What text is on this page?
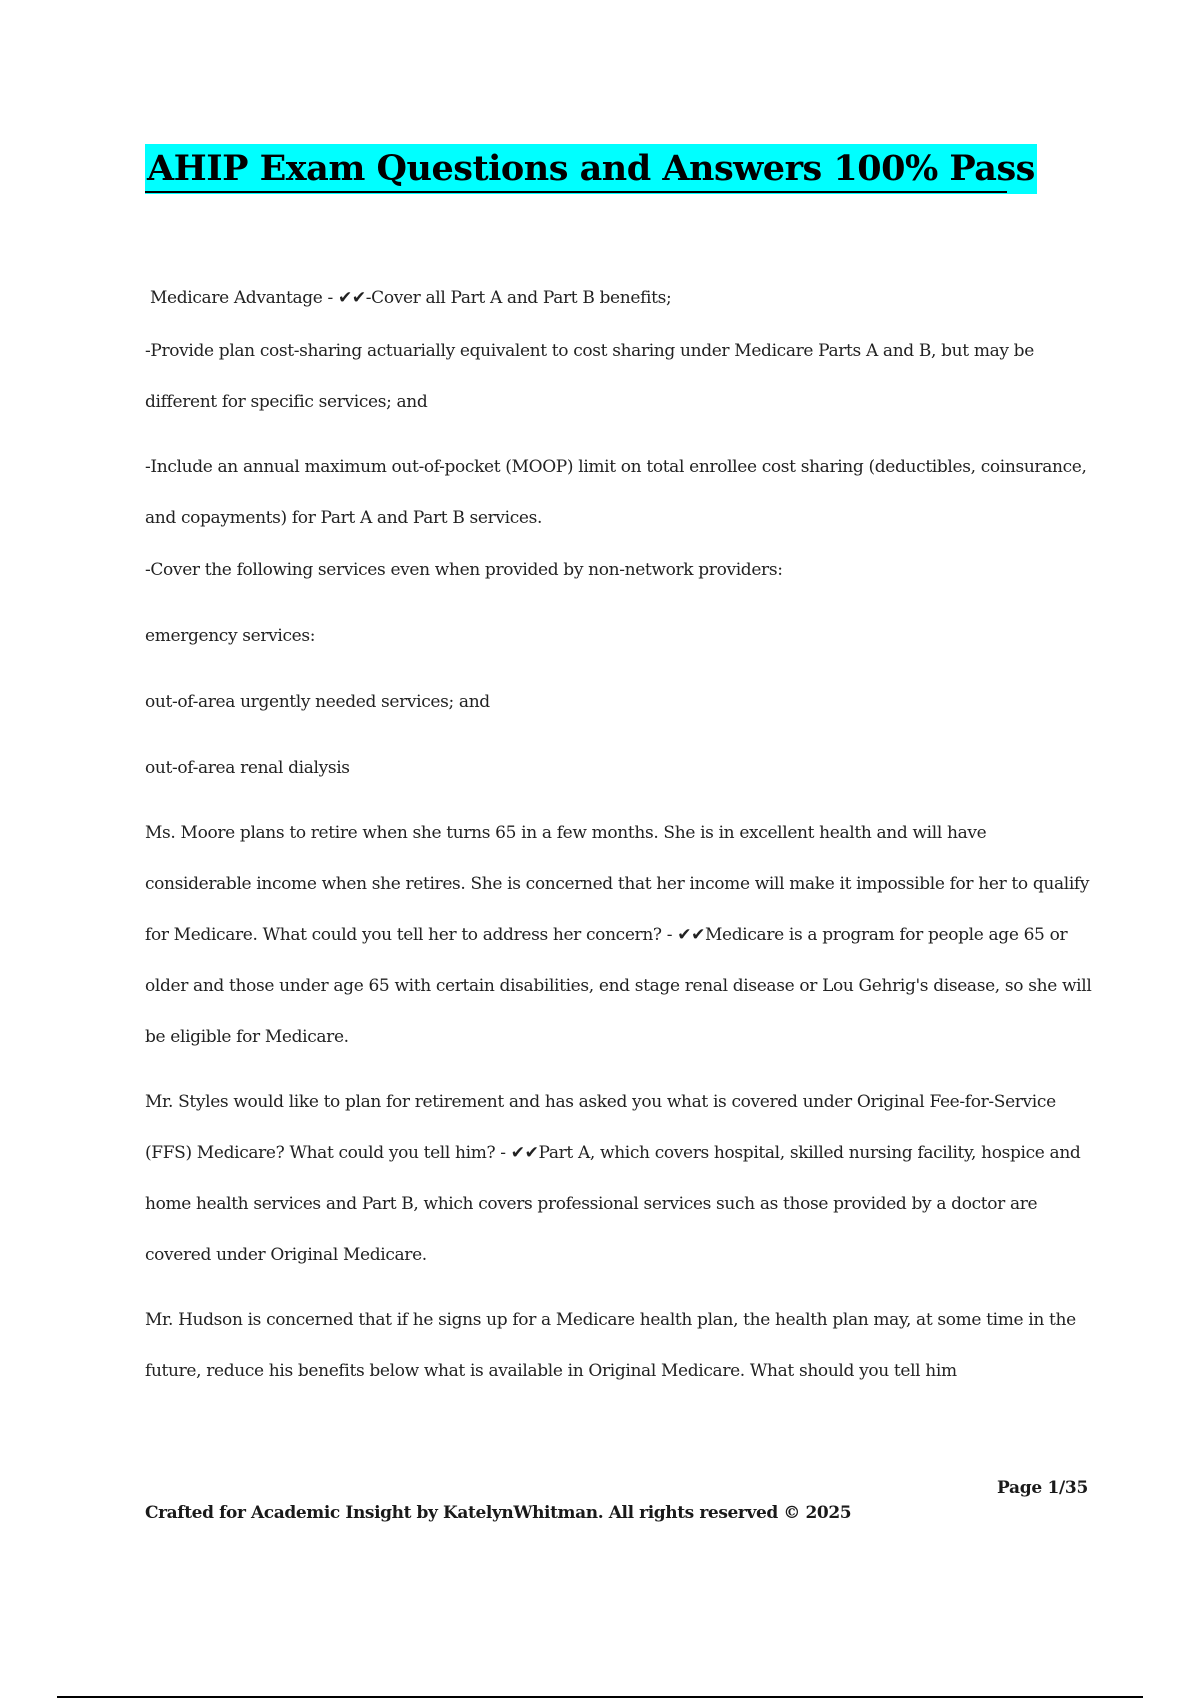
AHIP Exam Questions and Answers 100% Pass

Medicare Advantage - ✔✔-Cover all Part A and Part B benefits;

-Provide plan cost-sharing actuarially equivalent to cost sharing under Medicare Parts A and B, but may be different for specific services; and

-Include an annual maximum out-of-pocket (MOOP) limit on total enrollee cost sharing (deductibles, coinsurance, and copayments) for Part A and Part B services.

-Cover the following services even when provided by non-network providers:

emergency services:

out-of-area urgently needed services; and

out-of-area renal dialysis

Ms. Moore plans to retire when she turns 65 in a few months. She is in excellent health and will have considerable income when she retires. She is concerned that her income will make it impossible for her to qualify for Medicare. What could you tell her to address her concern? - ✔✔Medicare is a program for people age 65 or older and those under age 65 with certain disabilities, end stage renal disease or Lou Gehrig's disease, so she will be eligible for Medicare.

Mr. Styles would like to plan for retirement and has asked you what is covered under Original Fee-for-Service (FFS) Medicare? What could you tell him? - ✔✔Part A, which covers hospital, skilled nursing facility, hospice and home health services and Part B, which covers professional services such as those provided by a doctor are covered under Original Medicare.

Mr. Hudson is concerned that if he signs up for a Medicare health plan, the health plan may, at some time in the future, reduce his benefits below what is available in Original Medicare. What should you tell him

Page 1/35
Crafted for Academic Insight by KatelynWhitman. All rights reserved © 2025
